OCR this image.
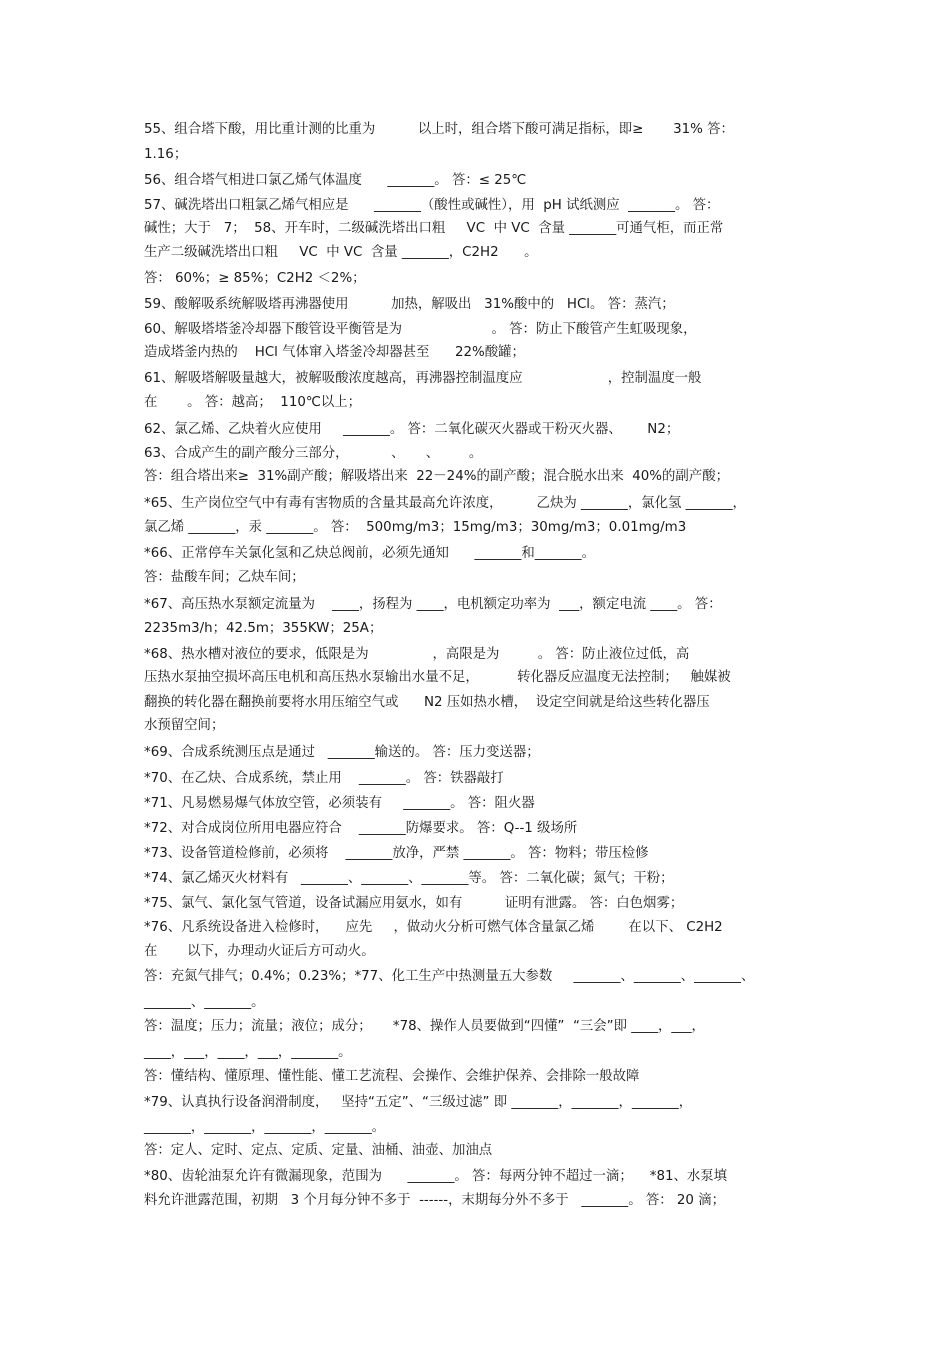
55、组合塔下酸，用比重计测的比重为          以上时，组合塔下酸可满足指标，即≥       31% 答：
1.16；
56、组合塔气相进口氯乙烯气体温度      _______。 答：≤ 25℃
57、碱洗塔出口粗氯乙烯气相应是      _______（酸性或碱性），用  pH 试纸测应  _______。 答：
碱性；大于   7；  58、开车时，二级碱洗塔出口粗     VC  中 VC  含量 _______可通气柜，而正常
生产二级碱洗塔出口粗     VC  中 VC  含量 _______，C2H2      。
答： 60%；≥ 85%；C2H2 ＜2%；
59、酸解吸系统解吸塔再沸器使用          加热，解吸出   31%酸中的   HCl。 答：蒸汽；
60、解吸塔塔釜冷却器下酸管设平衡管是为                     。 答：防止下酸管产生虹吸现象，
造成塔釜内热的    HCl 气体窜入塔釜冷却器甚至      22%酸罐；
61、解吸塔解吸量越大，被解吸酸浓度越高，再沸器控制温度应                    ，控制温度一般
在       。 答：越高；  110℃以上；
62、氯乙烯、乙炔着火应使用     _______。 答：二氧化碳灭火器或干粉灭火器、      N2；
63、合成产生的副产酸分三部分，          、     、       。
答：组合塔出来≥  31%副产酸；解吸塔出来  22－24%的副产酸；混合脱水出来  40%的副产酸；
*65、生产岗位空气中有毒有害物质的含量其最高允许浓度，        乙炔为 _______，氯化氢 _______，
氯乙烯 _______，汞 _______。 答：  500mg/m3；15mg/m3；30mg/m3；0.01mg/m3
*66、正常停车关氯化氢和乙炔总阀前，必须先通知      _______和_______。
答：盐酸车间；乙炔车间；
*67、高压热水泵额定流量为    ____，扬程为 ____，电机额定功率为  ___，额定电流 ____。 答：
2235m3/h；42.5m；355KW；25A；
*68、热水槽对液位的要求，低限是为               ，高限是为         。 答：防止液位过低，高
压热水泵抽空损坏高压电机和高压热水泵输出水量不足，         转化器反应温度无法控制；   触媒被
翻换的转化器在翻换前要将水用压缩空气或      N2 压如热水槽，  设定空间就是给这些转化器压
水预留空间；
*69、合成系统测压点是通过   _______输送的。 答：压力变送器；
*70、在乙炔、合成系统，禁止用    _______。 答：铁器敲打
*71、凡易燃易爆气体放空管，必须装有     _______。 答：阻火器
*72、对合成岗位所用电器应符合    _______防爆要求。 答：Q--1 级场所
*73、设备管道检修前，必须将    _______放净，严禁 _______。 答：物料；带压检修
*74、氯乙烯灭火材料有   _______、_______、_______等。 答：二氧化碳；氮气；干粉；
*75、氯气、氯化氢气管道，设备试漏应用氨水，如有          证明有泄露。 答：白色烟雾；
*76、凡系统设备进入检修时，    应先     ，做动火分析可燃气体含量氯乙烯        在以下、 C2H2
在       以下，办理动火证后方可动火。
答：充氮气排气；0.4%；0.23%；*77、化工生产中热测量五大参数     _______、_______、_______、
_______、_______。
答：温度；压力；流量；液位；成分；     *78、操作人员要做到“四懂”  “三会”即 ____，___，
____，___，____，___，_______。
答：懂结构、懂原理、懂性能、懂工艺流程、会操作、会维护保养、会排除一般故障
*79、认真执行设备润滑制度，   坚持“五定”、“三级过滤” 即 _______，_______，_______，
_______，_______，_______，_______。
答：定人、定时、定点、定质、定量、油桶、油壶、加油点
*80、齿轮油泵允许有微漏现象，范围为      _______。 答：每两分钟不超过一滴；    *81、水泵填
料允许泄露范围，初期   3 个月每分钟不多于  ------，末期每分外不多于   _______。 答： 20 滴；
